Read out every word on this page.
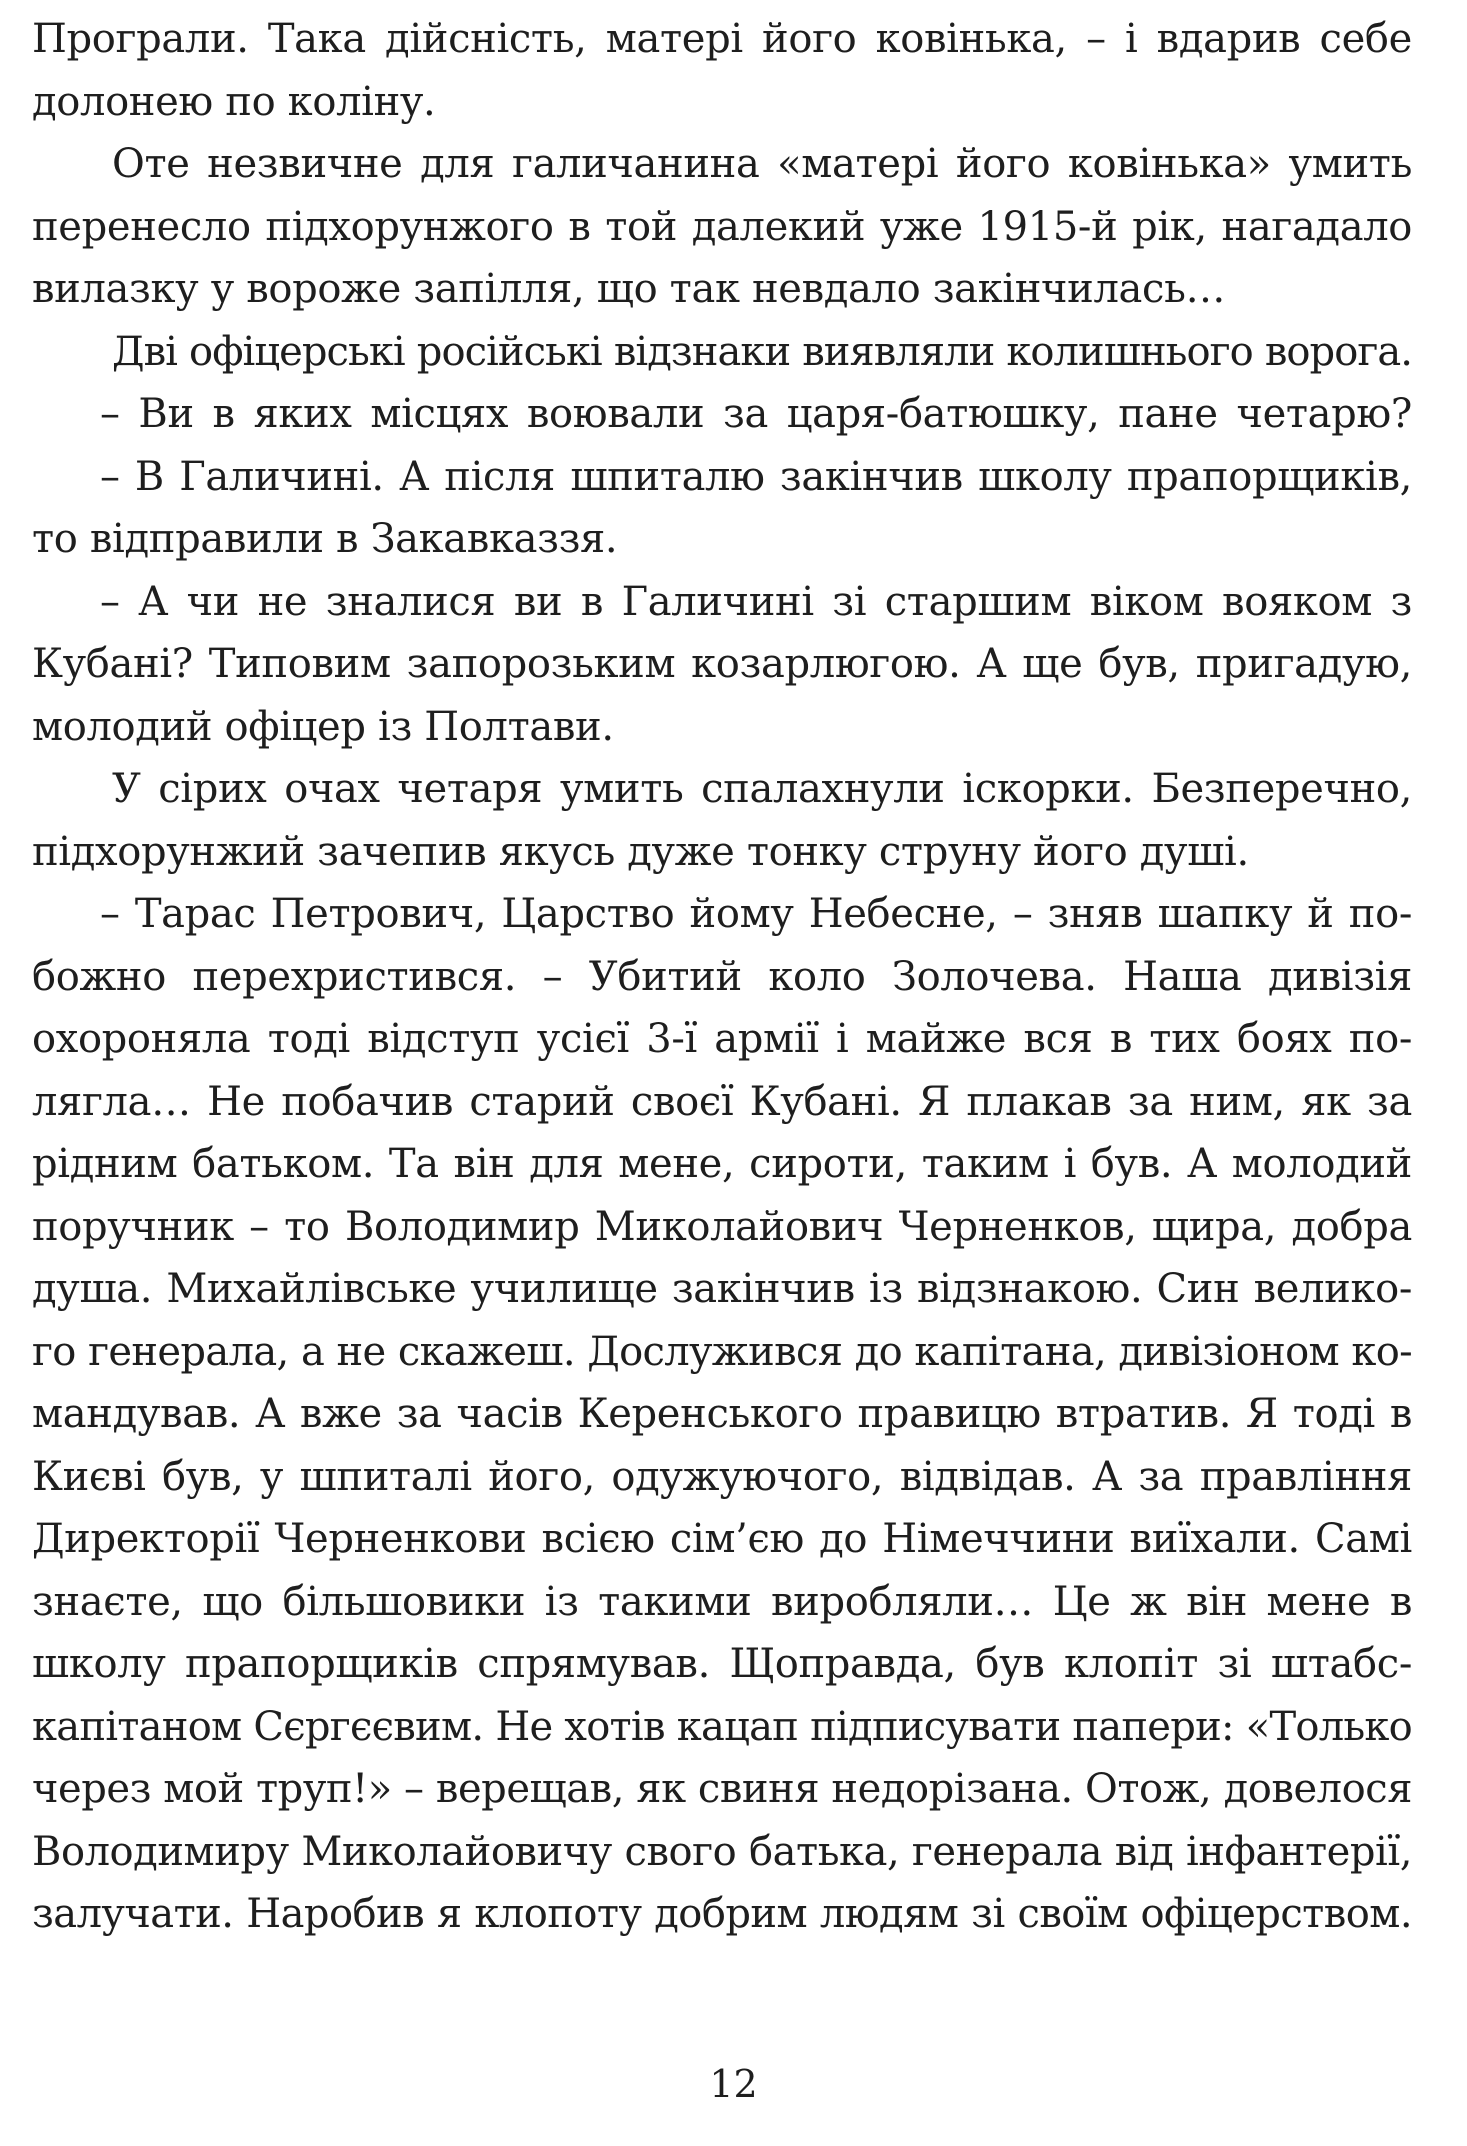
Програли. Така дійсність, матері його ковінька, – і вдарив себе
долонею по коліну.
Оте незвичне для галичанина «матері його ковінька» умить
перенесло підхорунжого в той далекий уже 1915-й рік, нагадало
вилазку у вороже запілля, що так невдало закінчилась…
Дві офіцерські російські відзнаки виявляли колишнього ворога.
– Ви в яких місцях воювали за царя-батюшку, пане четарю?
– В Галичині. А після шпиталю закінчив школу прапорщиків,
то відправили в Закавказзя.
– А чи не зналися ви в Галичині зі старшим віком вояком з
Кубані? Типовим запорозьким козарлюгою. А ще був, пригадую,
молодий офіцер із Полтави.
У сірих очах четаря умить спалахнули іскорки. Безперечно,
підхорунжий зачепив якусь дуже тонку струну його душі.
– Тарас Петрович, Царство йому Небесне, – зняв шапку й по-
божно перехристився. – Убитий коло Золочева. Наша дивізія
охороняла тоді відступ усієї 3-ї армії і майже вся в тих боях по-
лягла… Не побачив старий своєї Кубані. Я плакав за ним, як за
рідним батьком. Та він для мене, сироти, таким і був. А молодий
поручник – то Володимир Миколайович Черненков, щира, добра
душа. Михайлівське училище закінчив із відзнакою. Син велико-
го генерала, а не скажеш. Дослужився до капітана, дивізіоном ко-
мандував. А вже за часів Керенського правицю втратив. Я тоді в
Києві був, у шпиталі його, одужуючого, відвідав. А за правління
Директорії Черненкови всією сім’єю до Німеччини виїхали. Самі
знаєте, що більшовики із такими виробляли… Це ж він мене в
школу прапорщиків спрямував. Щоправда, був клопіт зі штабс-
капітаном Сєргєєвим. Не хотів кацап підписувати папери: «Только
через мой труп!» – верещав, як свиня недорізана. Отож, довелося
Володимиру Миколайовичу свого батька, генерала від інфантерії,
залучати. Наробив я клопоту добрим людям зі своїм офіцерством.
12
